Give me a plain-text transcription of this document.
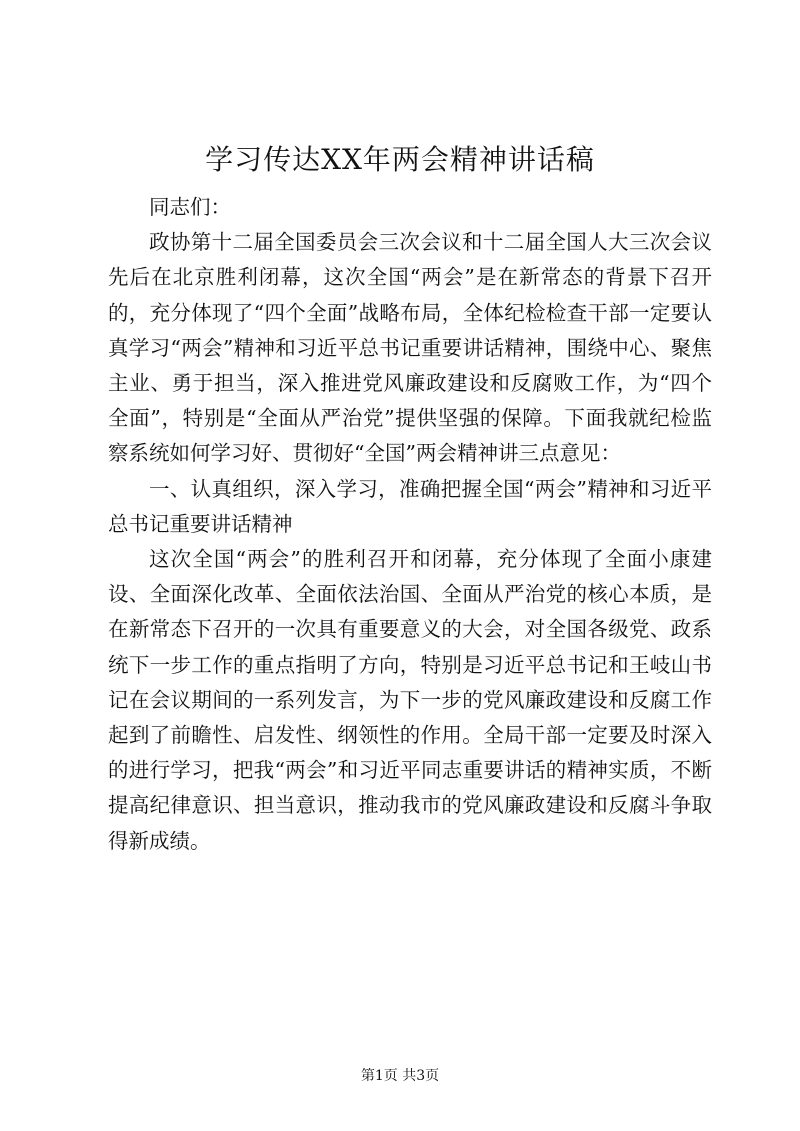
学习传达XX年两会精神讲话稿

同志们：

政协第十二届全国委员会三次会议和十二届全国人大三次会议先后在北京胜利闭幕，这次全国“两会”是在新常态的背景下召开的，充分体现了“四个全面”战略布局，全体纪检检查干部一定要认真学习“两会”精神和习近平总书记重要讲话精神，围绕中心、聚焦主业、勇于担当，深入推进党风廉政建设和反腐败工作，为“四个全面”，特别是“全面从严治党”提供坚强的保障。下面我就纪检监察系统如何学习好、贯彻好“全国”两会精神讲三点意见：

一、认真组织，深入学习，准确把握全国“两会”精神和习近平总书记重要讲话精神

这次全国“两会”的胜利召开和闭幕，充分体现了全面小康建设、全面深化改革、全面依法治国、全面从严治党的核心本质，是在新常态下召开的一次具有重要意义的大会，对全国各级党、政系统下一步工作的重点指明了方向，特别是习近平总书记和王岐山书记在会议期间的一系列发言，为下一步的党风廉政建设和反腐工作起到了前瞻性、启发性、纲领性的作用。全局干部一定要及时深入的进行学习，把我“两会”和习近平同志重要讲话的精神实质，不断提高纪律意识、担当意识，推动我市的党风廉政建设和反腐斗争取得新成绩。

第1页 共3页
